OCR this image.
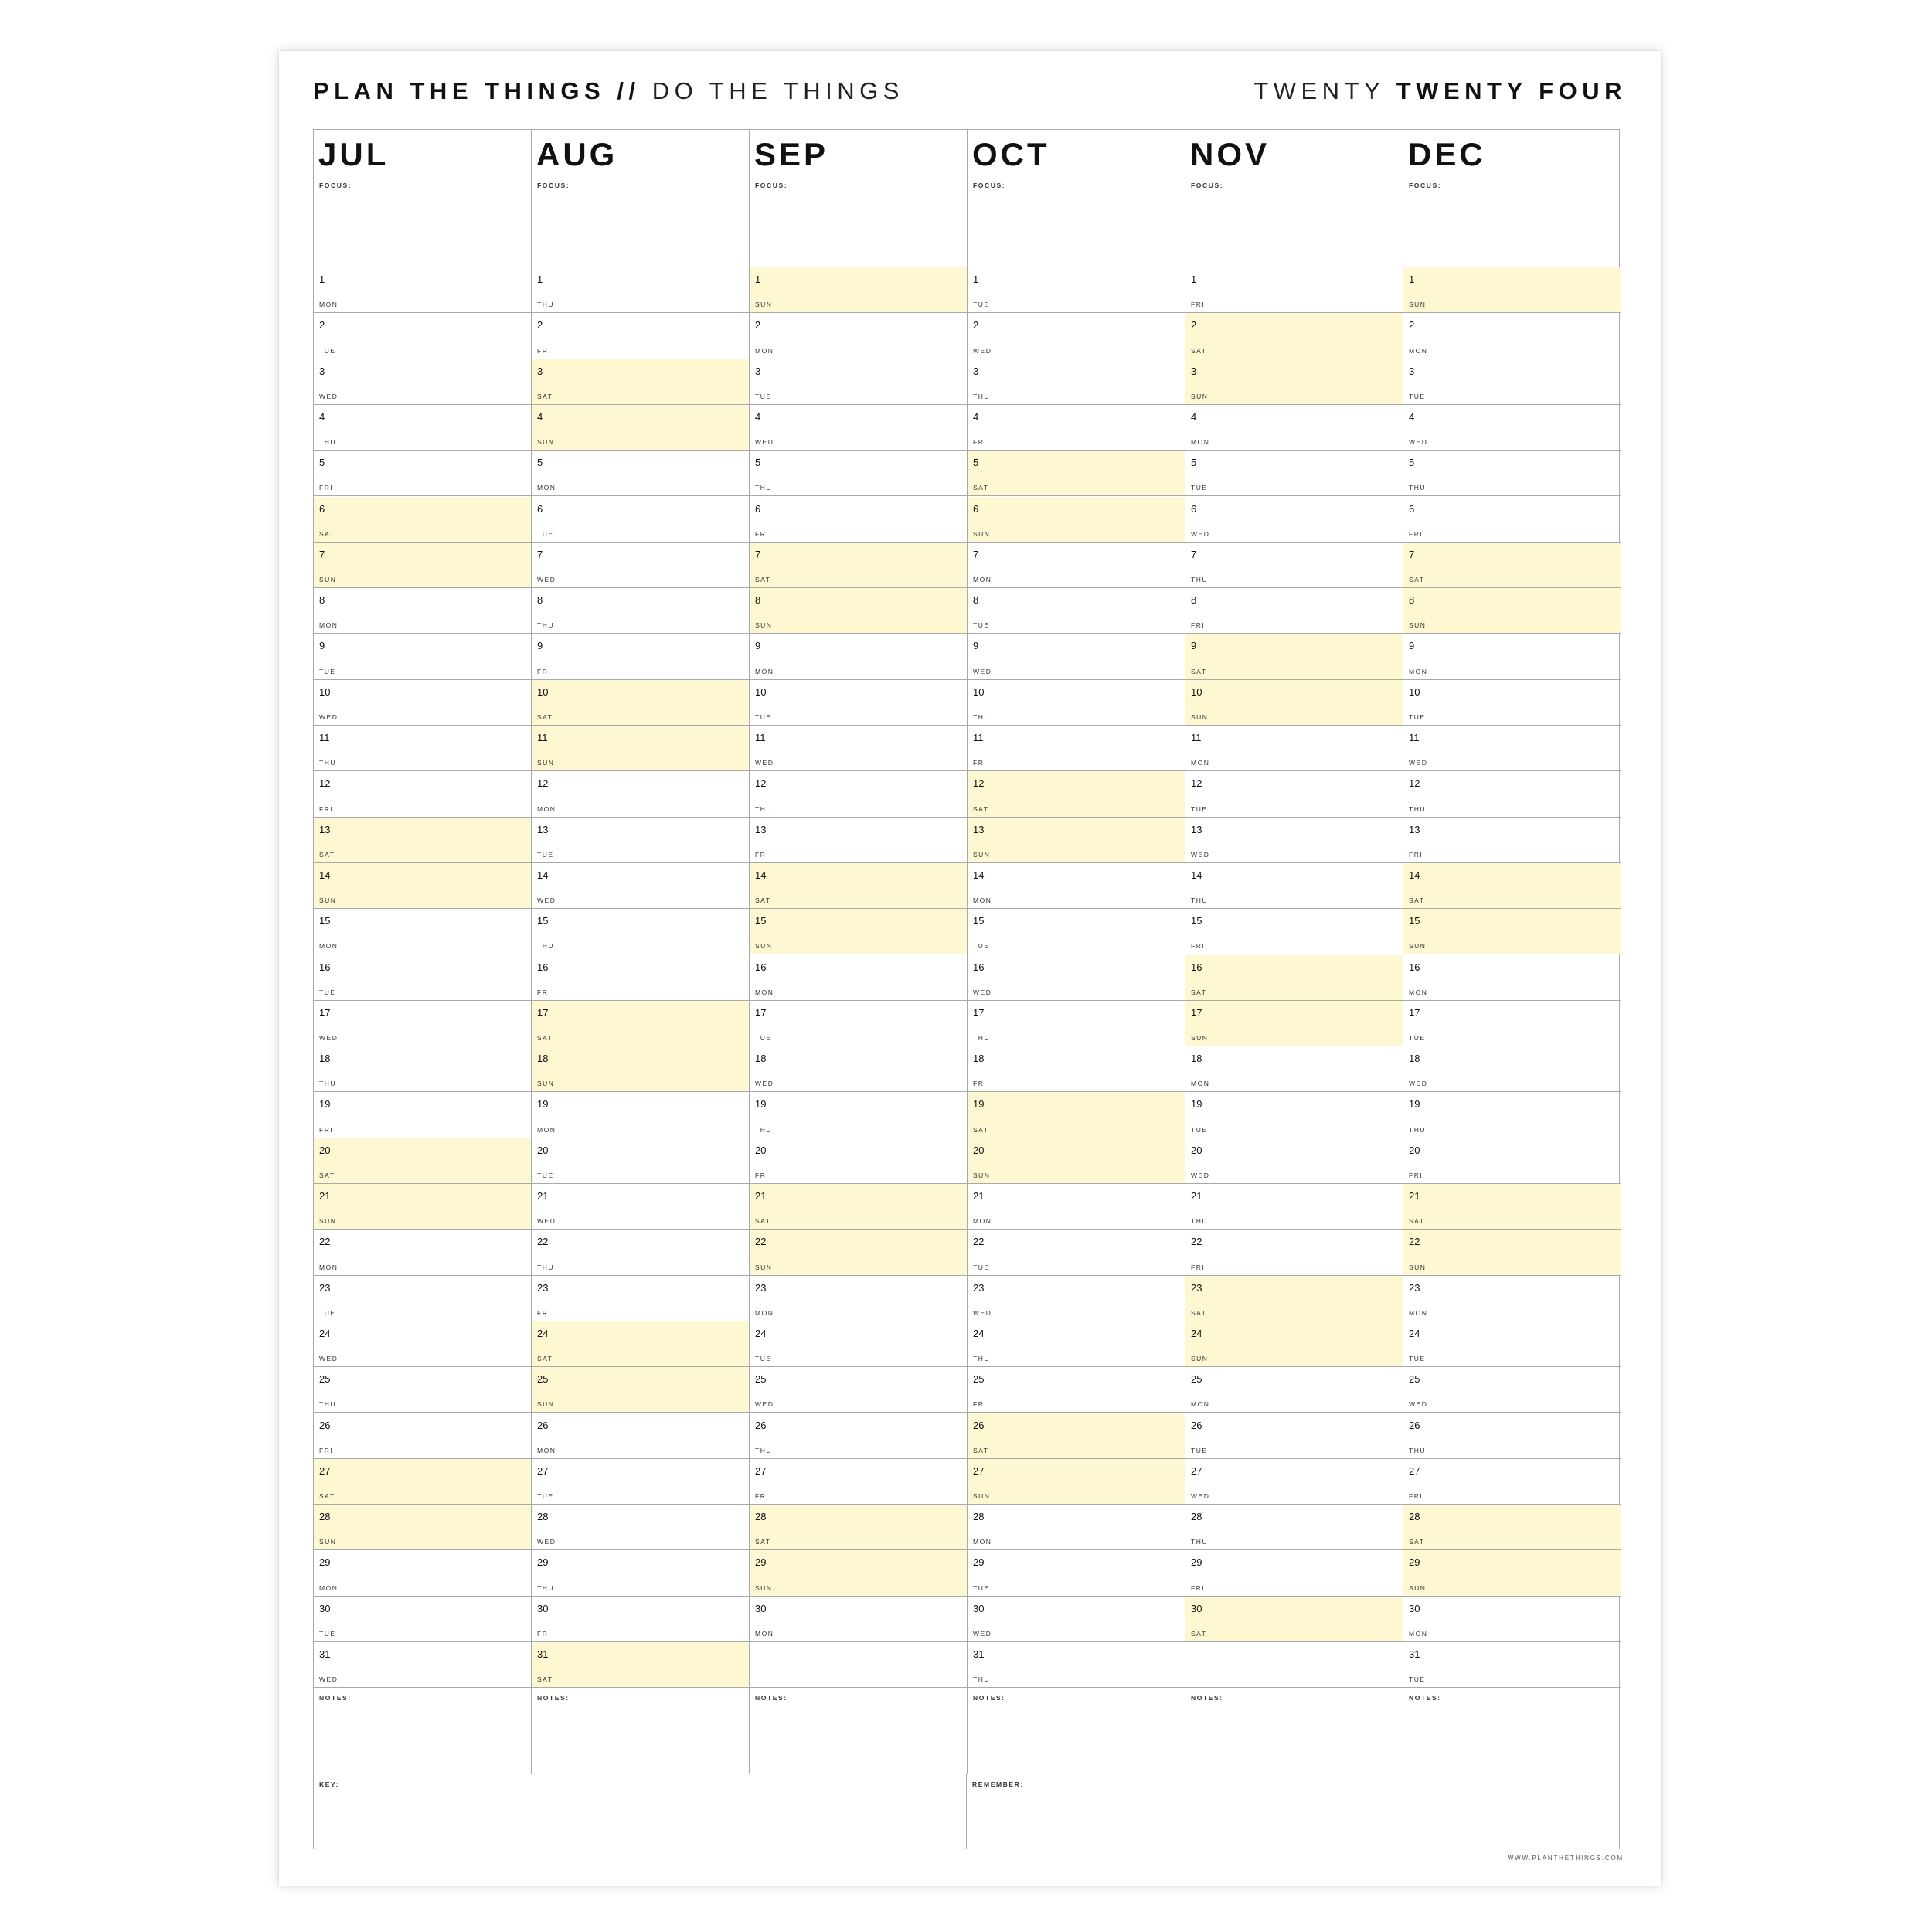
PLAN THE THINGS // DO THE THINGS	TWENTY TWENTY FOUR
JUL
FOCUS:
1
MON
2
TUE
3
WED
4
THU
5
FRI
6
SAT
7
SUN
8
MON
9
TUE
10
WED
11
THU
12
FRI
13
SAT
14
SUN
15
MON
16
TUE
17
WED
18
THU
19
FRI
20
SAT
21
SUN
22
MON
23
TUE
24
WED
25
THU
26
FRI
27
SAT
28
SUN
29
MON
30
TUE
31
WED
NOTES:
AUG
FOCUS:
1
THU
2
FRI
3
SAT
4
SUN
5
MON
6
TUE
7
WED
8
THU
9
FRI
10
SAT
11
SUN
12
MON
13
TUE
14
WED
15
THU
16
FRI
17
SAT
18
SUN
19
MON
20
TUE
21
WED
22
THU
23
FRI
24
SAT
25
SUN
26
MON
27
TUE
28
WED
29
THU
30
FRI
31
SAT
NOTES:
SEP
FOCUS:
1
SUN
2
MON
3
TUE
4
WED
5
THU
6
FRI
7
SAT
8
SUN
9
MON
10
TUE
11
WED
12
THU
13
FRI
14
SAT
15
SUN
16
MON
17
TUE
18
WED
19
THU
20
FRI
21
SAT
22
SUN
23
MON
24
TUE
25
WED
26
THU
27
FRI
28
SAT
29
SUN
30
MON
NOTES:
OCT
FOCUS:
1
TUE
2
WED
3
THU
4
FRI
5
SAT
6
SUN
7
MON
8
TUE
9
WED
10
THU
11
FRI
12
SAT
13
SUN
14
MON
15
TUE
16
WED
17
THU
18
FRI
19
SAT
20
SUN
21
MON
22
TUE
23
WED
24
THU
25
FRI
26
SAT
27
SUN
28
MON
29
TUE
30
WED
31
THU
NOTES:
NOV
FOCUS:
1
FRI
2
SAT
3
SUN
4
MON
5
TUE
6
WED
7
THU
8
FRI
9
SAT
10
SUN
11
MON
12
TUE
13
WED
14
THU
15
FRI
16
SAT
17
SUN
18
MON
19
TUE
20
WED
21
THU
22
FRI
23
SAT
24
SUN
25
MON
26
TUE
27
WED
28
THU
29
FRI
30
SAT
NOTES:
DEC
FOCUS:
1
SUN
2
MON
3
TUE
4
WED
5
THU
6
FRI
7
SAT
8
SUN
9
MON
10
TUE
11
WED
12
THU
13
FRI
14
SAT
15
SUN
16
MON
17
TUE
18
WED
19
THU
20
FRI
21
SAT
22
SUN
23
MON
24
TUE
25
WED
26
THU
27
FRI
28
SAT
29
SUN
30
MON
31
TUE
NOTES:
KEY:	REMEMBER:
WWW.PLANTHETHINGS.COM
